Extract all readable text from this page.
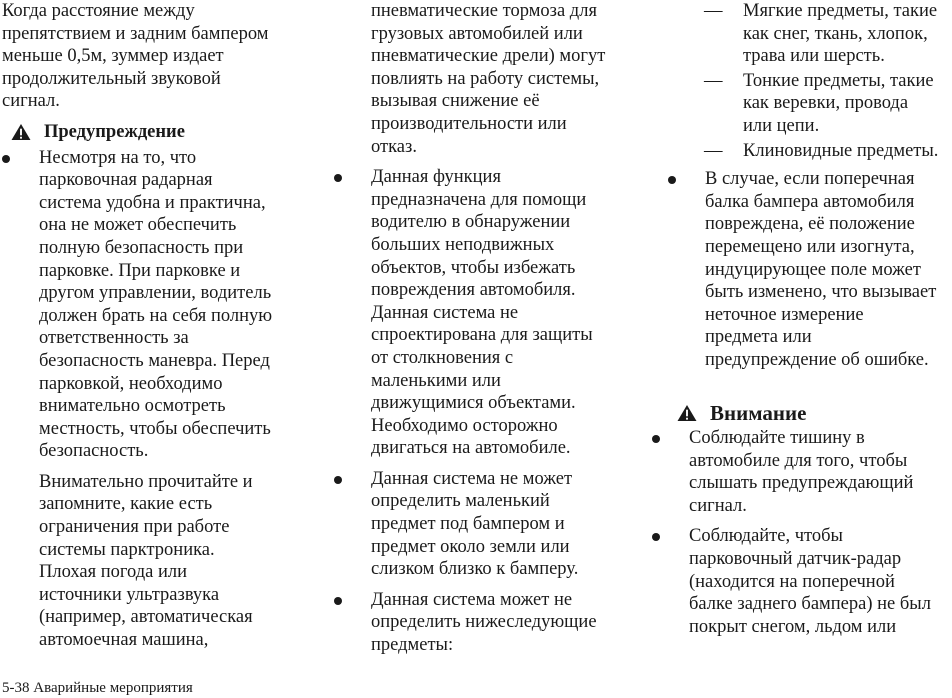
Когда расстояние между
препятствием и задним бампером
меньше 0,5м, зуммер издает
продолжительный звуковой
сигнал.

Предупреждение

Несмотря на то, что
парковочная радарная
система удобна и практична,
она не может обеспечить
полную безопасность при
парковке. При парковке и
другом управлении, водитель
должен брать на себя полную
ответственность за
безопасность маневра. Перед
парковкой, необходимо
внимательно осмотреть
местность, чтобы обеспечить
безопасность.

Внимательно прочитайте и
запомните, какие есть
ограничения при работе
системы парктроника.
Плохая погода или
источники ультразвука
(например, автоматическая
автомоечная машина,

пневматические тормоза для
грузовых автомобилей или
пневматические дрели) могут
повлиять на работу системы,
вызывая снижение её
производительности или
отказ.

Данная функция
предназначена для помощи
водителю в обнаружении
больших неподвижных
объектов, чтобы избежать
повреждения автомобиля.
Данная система не
спроектирована для защиты
от столкновения с
маленькими или
движущимися объектами.
Необходимо осторожно
двигаться на автомобиле.

Данная система не может
определить маленький
предмет под бампером и
предмет около земли или
слизком близко к бамперу.

Данная система может не
определить нижеследующие
предметы:

— Мягкие предметы, такие
как снег, ткань, хлопок,
трава или шерсть.

— Тонкие предметы, такие
как веревки, провода
или цепи.

— Клиновидные предметы.

В случае, если поперечная
балка бампера автомобиля
повреждена, её положение
перемещено или изогнута,
индуцирующее поле может
быть изменено, что вызывает
неточное измерение
предмета или
предупреждение об ошибке.

Внимание

Соблюдайте тишину в
автомобиле для того, чтобы
слышать предупреждающий
сигнал.

Соблюдайте, чтобы
парковочный датчик-радар
(находится на поперечной
балке заднего бампера) не был
покрыт снегом, льдом или

5-38 Аварийные мероприятия
